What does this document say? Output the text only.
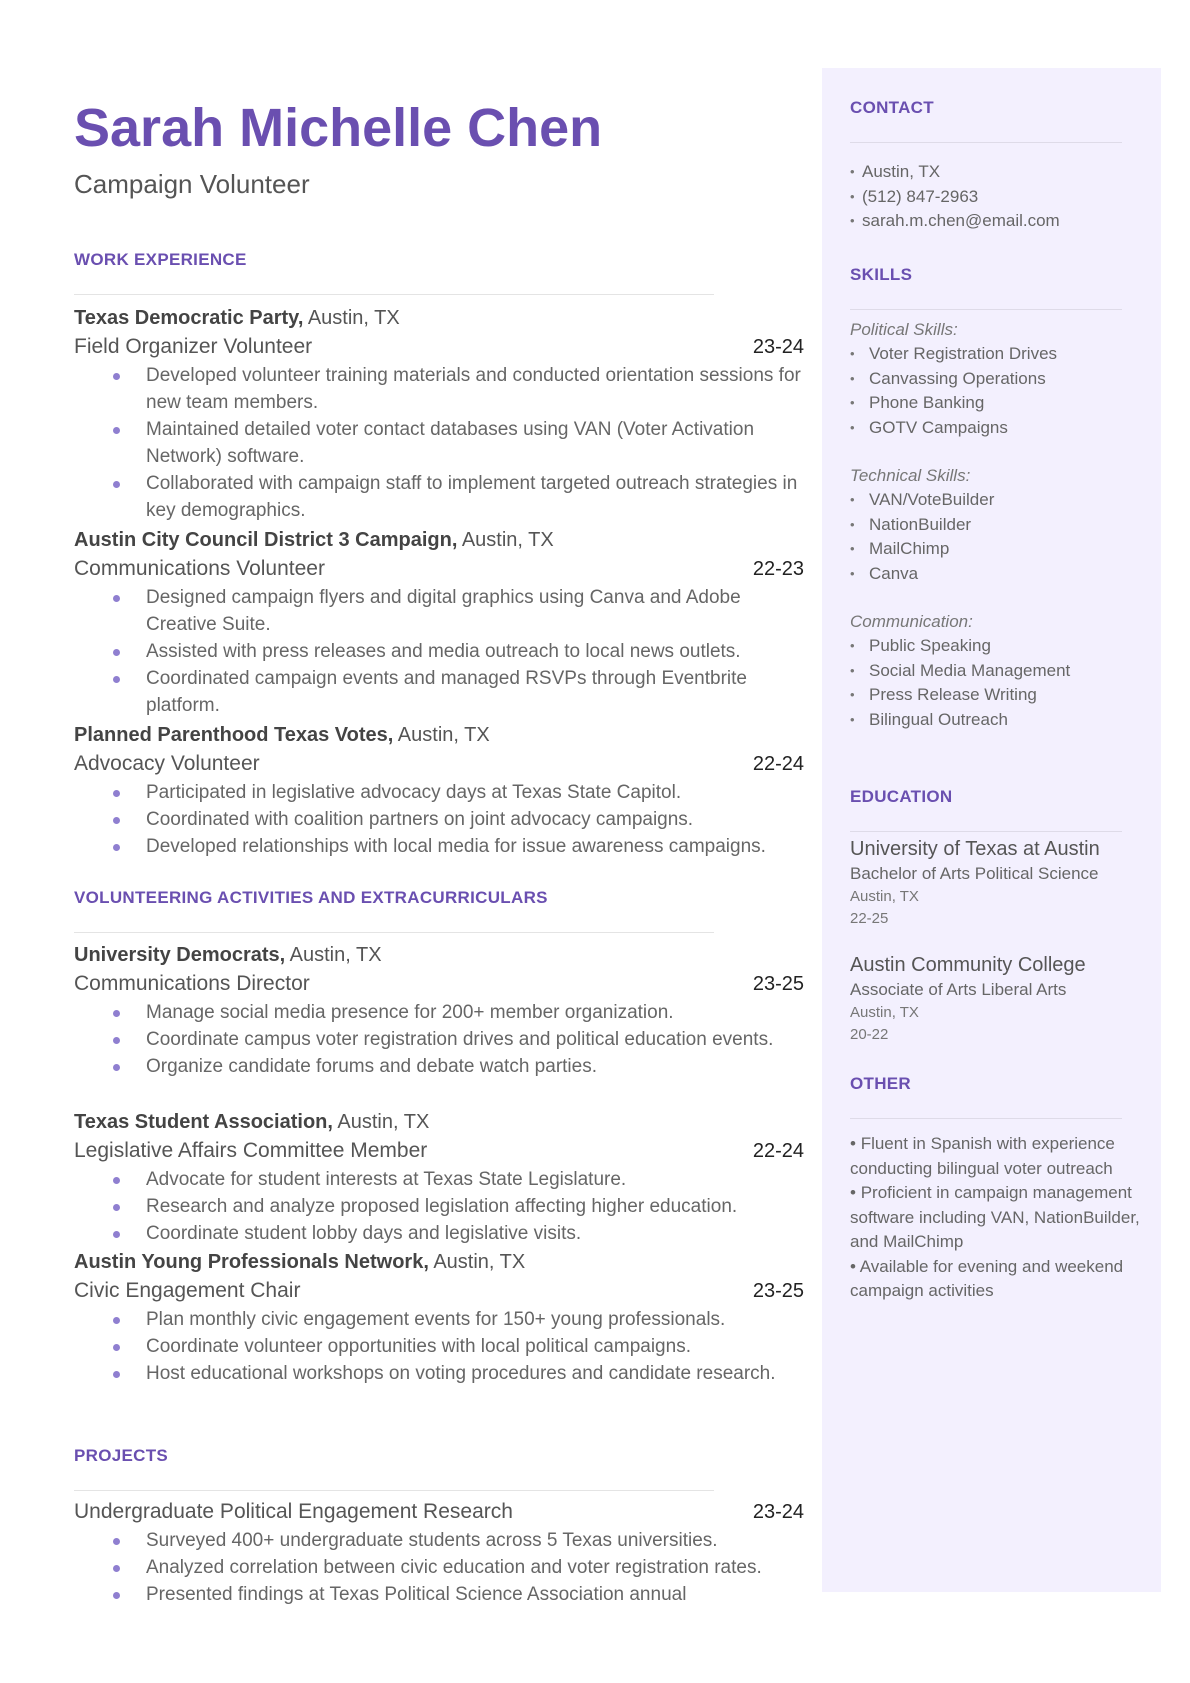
Sarah Michelle Chen
Campaign Volunteer
WORK EXPERIENCE
Texas Democratic Party, Austin, TX
Field Organizer Volunteer	23-24
Developed volunteer training materials and conducted orientation sessions for new team members.
Maintained detailed voter contact databases using VAN (Voter Activation Network) software.
Collaborated with campaign staff to implement targeted outreach strategies in key demographics.
Austin City Council District 3 Campaign, Austin, TX
Communications Volunteer	22-23
Designed campaign flyers and digital graphics using Canva and Adobe Creative Suite.
Assisted with press releases and media outreach to local news outlets.
Coordinated campaign events and managed RSVPs through Eventbrite platform.
Planned Parenthood Texas Votes, Austin, TX
Advocacy Volunteer	22-24
Participated in legislative advocacy days at Texas State Capitol.
Coordinated with coalition partners on joint advocacy campaigns.
Developed relationships with local media for issue awareness campaigns.
VOLUNTEERING ACTIVITIES AND EXTRACURRICULARS
University Democrats, Austin, TX
Communications Director	23-25
Manage social media presence for 200+ member organization.
Coordinate campus voter registration drives and political education events.
Organize candidate forums and debate watch parties.
Texas Student Association, Austin, TX
Legislative Affairs Committee Member	22-24
Advocate for student interests at Texas State Legislature.
Research and analyze proposed legislation affecting higher education.
Coordinate student lobby days and legislative visits.
Austin Young Professionals Network, Austin, TX
Civic Engagement Chair	23-25
Plan monthly civic engagement events for 150+ young professionals.
Coordinate volunteer opportunities with local political campaigns.
Host educational workshops on voting procedures and candidate research.
PROJECTS
Undergraduate Political Engagement Research	23-24
Surveyed 400+ undergraduate students across 5 Texas universities.
Analyzed correlation between civic education and voter registration rates.
Presented findings at Texas Political Science Association annual
CONTACT
• Austin, TX
• (512) 847-2963
• sarah.m.chen@email.com
SKILLS
Political Skills:
• Voter Registration Drives
• Canvassing Operations
• Phone Banking
• GOTV Campaigns
Technical Skills:
• VAN/VoteBuilder
• NationBuilder
• MailChimp
• Canva
Communication:
• Public Speaking
• Social Media Management
• Press Release Writing
• Bilingual Outreach
EDUCATION
University of Texas at Austin
Bachelor of Arts Political Science
Austin, TX
22-25
Austin Community College
Associate of Arts Liberal Arts
Austin, TX
20-22
OTHER

• Fluent in Spanish with experience conducting bilingual voter outreach

• Proficient in campaign management software including VAN, NationBuilder, and MailChimp

• Available for evening and weekend campaign activities
